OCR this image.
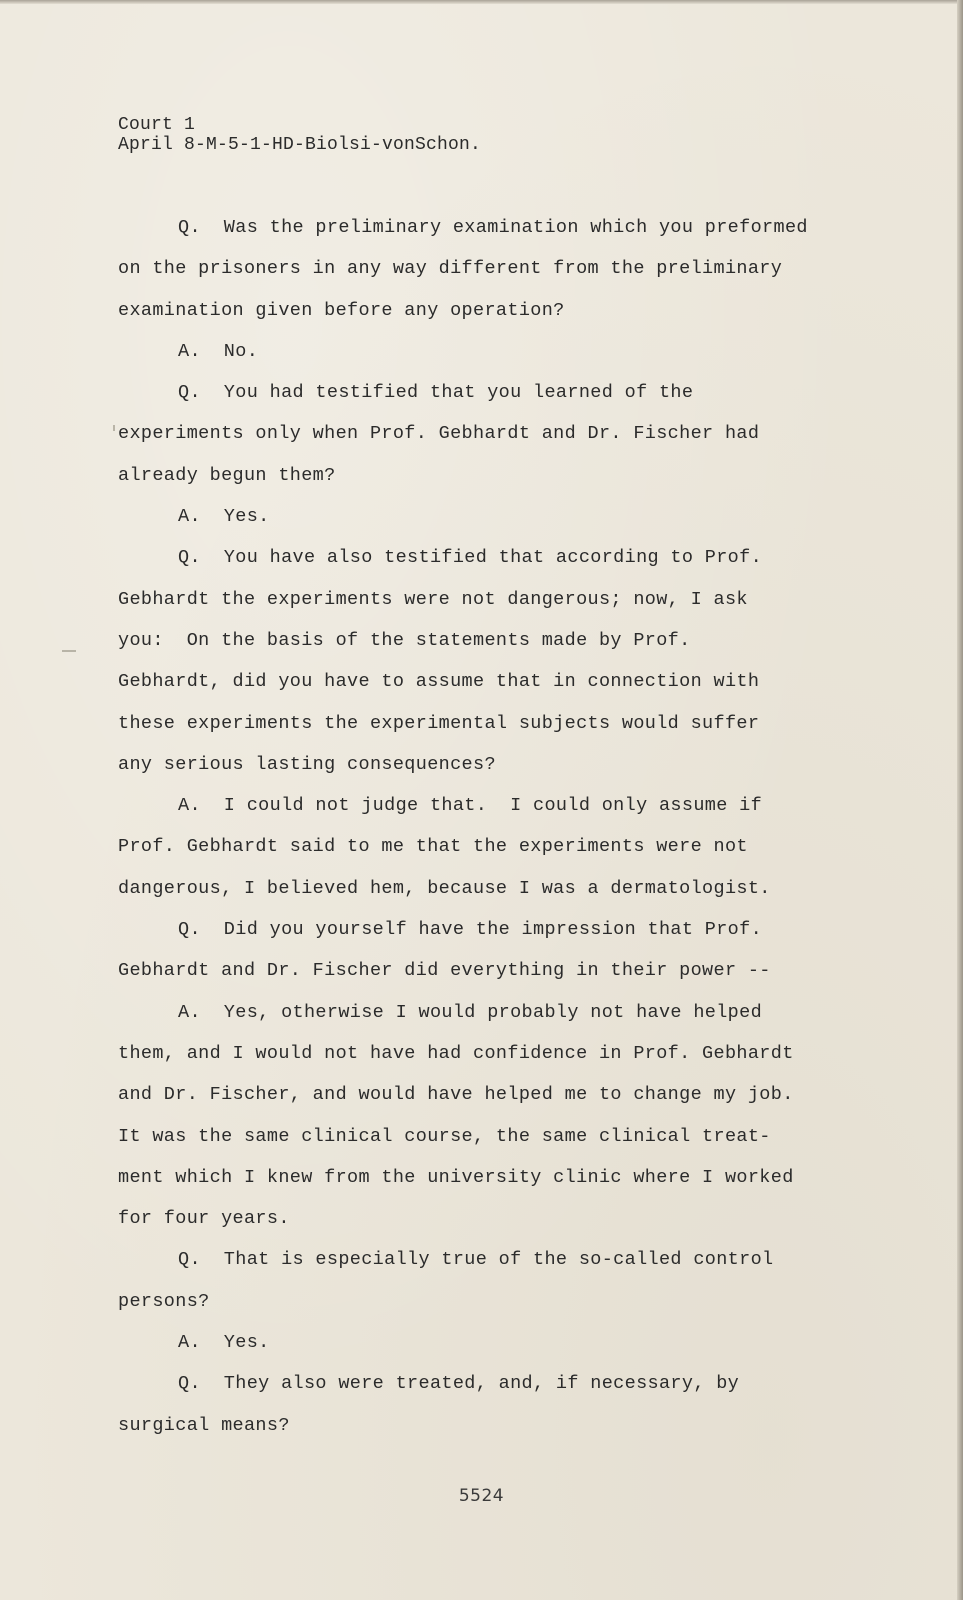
Court 1
April 8-M-5-1-HD-Biolsi-vonSchon.
Q.  Was the preliminary examination which you preformed
on the prisoners in any way different from the preliminary
examination given before any operation?
A.  No.
Q.  You had testified that you learned of the
experiments only when Prof. Gebhardt and Dr. Fischer had
already begun them?
A.  Yes.
Q.  You have also testified that according to Prof.
Gebhardt the experiments were not dangerous; now, I ask
you:  On the basis of the statements made by Prof.
Gebhardt, did you have to assume that in connection with
these experiments the experimental subjects would suffer
any serious lasting consequences?
A.  I could not judge that.  I could only assume if
Prof. Gebhardt said to me that the experiments were not
dangerous, I believed hem, because I was a dermatologist.
Q.  Did you yourself have the impression that Prof.
Gebhardt and Dr. Fischer did everything in their power --
A.  Yes, otherwise I would probably not have helped
them, and I would not have had confidence in Prof. Gebhardt
and Dr. Fischer, and would have helped me to change my job.
It was the same clinical course, the same clinical treat-
ment which I knew from the university clinic where I worked
for four years.
Q.  That is especially true of the so-called control
persons?
A.  Yes.
Q.  They also were treated, and, if necessary, by
surgical means?
5524
